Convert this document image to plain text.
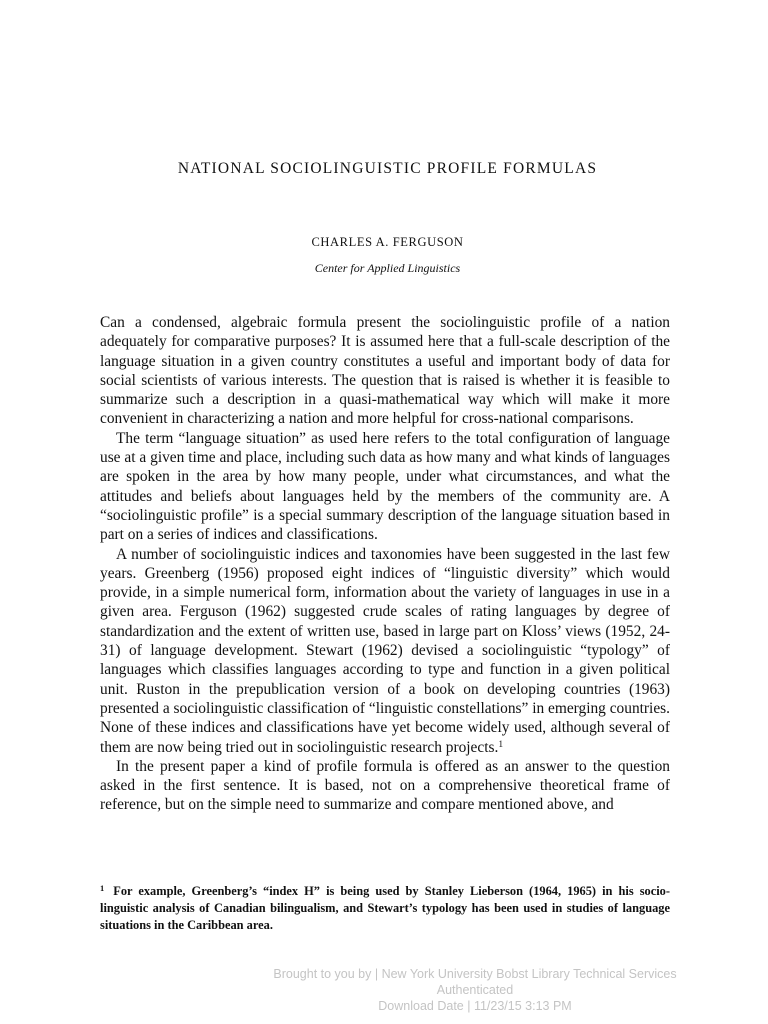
NATIONAL SOCIOLINGUISTIC PROFILE FORMULAS
CHARLES A. FERGUSON
Center for Applied Linguistics

Can a condensed, algebraic formula present the sociolinguistic profile of a nation adequately for comparative purposes? It is assumed here that a full-scale description of the language situation in a given country constitutes a useful and important body of data for social scientists of various interests. The question that is raised is whether it is feasible to summarize such a description in a quasi-mathematical way which will make it more convenient in characterizing a nation and more helpful for cross-national comparisons.

The term “language situation” as used here refers to the total configuration of language use at a given time and place, including such data as how many and what kinds of languages are spoken in the area by how many people, under what circumstances, and what the attitudes and beliefs about languages held by the members of the community are. A “sociolinguistic profile” is a special summary description of the language situation based in part on a series of indices and classifications.

A number of sociolinguistic indices and taxonomies have been suggested in the last few years. Greenberg (1956) proposed eight indices of “linguistic diversity” which would provide, in a simple numerical form, information about the variety of languages in use in a given area. Ferguson (1962) suggested crude scales of rating languages by degree of standardization and the extent of written use, based in large part on Kloss’ views (1952, 24-31) of language development. Stewart (1962) devised a sociolinguistic “typology” of languages which classifies languages according to type and function in a given political unit. Ruston in the prepublication version of a book on developing countries (1963) presented a sociolinguistic classification of “linguistic constellations” in emerging countries. None of these indices and classifications have yet become widely used, although several of them are now being tried out in sociolinguistic research projects.$^1$

In the present paper a kind of profile formula is offered as an answer to the question asked in the first sentence. It is based, not on a comprehensive theoretical frame of reference, but on the simple need to summarize and compare mentioned above, and

$^1$ For example, Greenberg’s “index H” is being used by Stanley Lieberson (1964, 1965) in his socio-linguistic analysis of Canadian bilingualism, and Stewart’s typology has been used in studies of language situations in the Caribbean area.
Brought to you by | New York University Bobst Library Technical Services
Authenticated
Download Date | 11/23/15 3:13 PM
